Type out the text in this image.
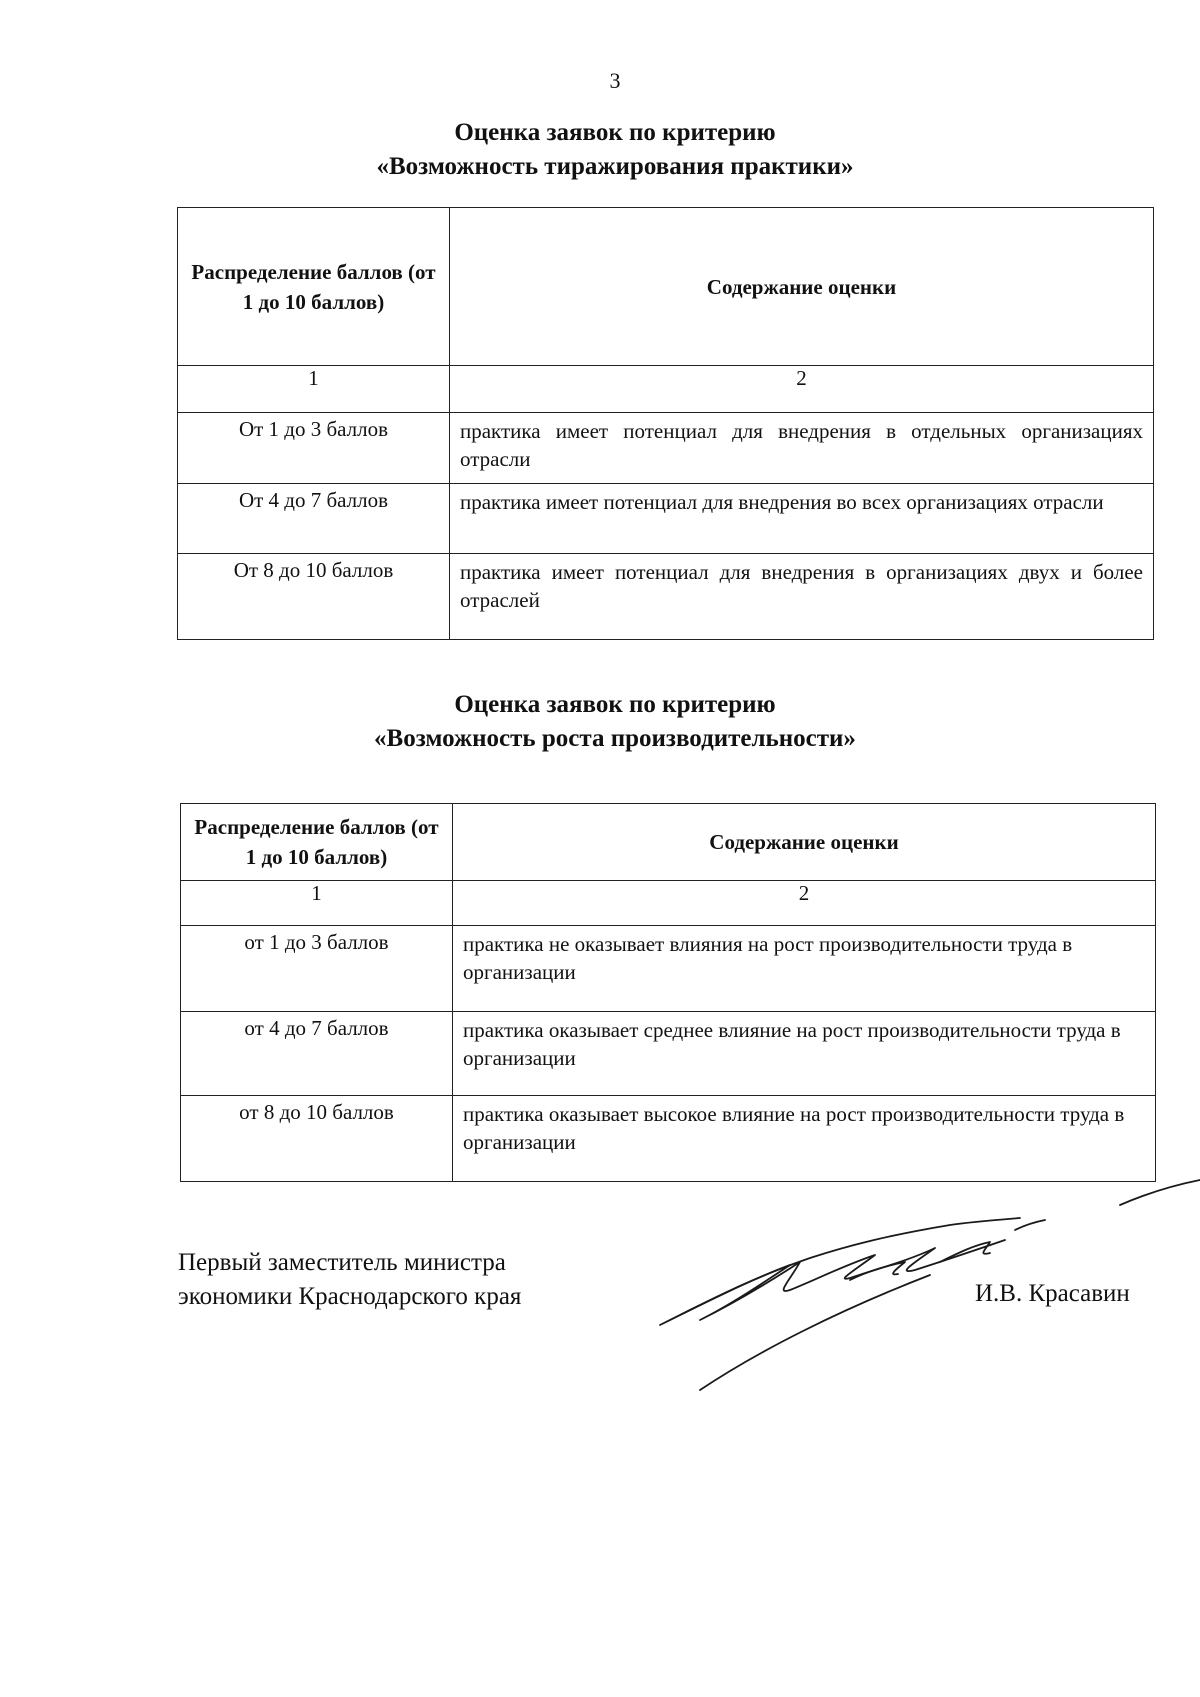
3
Оценка заявок по критерию
«Возможность тиражирования практики»
Распределение баллов (от 1 до 10 баллов)	Содержание оценки
1	2
От 1 до 3 баллов	практика имеет потенциал для внедрения в отдельных организациях отрасли
От 4 до 7 баллов	практика имеет потенциал для внедрения во всех организациях отрасли
От 8 до 10 баллов	практика имеет потенциал для внедрения в организациях двух и более отраслей
Оценка заявок по критерию
«Возможность роста производительности»
Распределение баллов (от 1 до 10 баллов)	Содержание оценки
1	2
от 1 до 3 баллов	практика не оказывает влияния на рост производительности труда в организации
от 4 до 7 баллов	практика оказывает среднее влияние на рост производительности труда в организации
от 8 до 10 баллов	практика оказывает высокое влияние на рост производительности труда в организации
Первый заместитель министра
экономики Краснодарского края	И.В. Красавин
